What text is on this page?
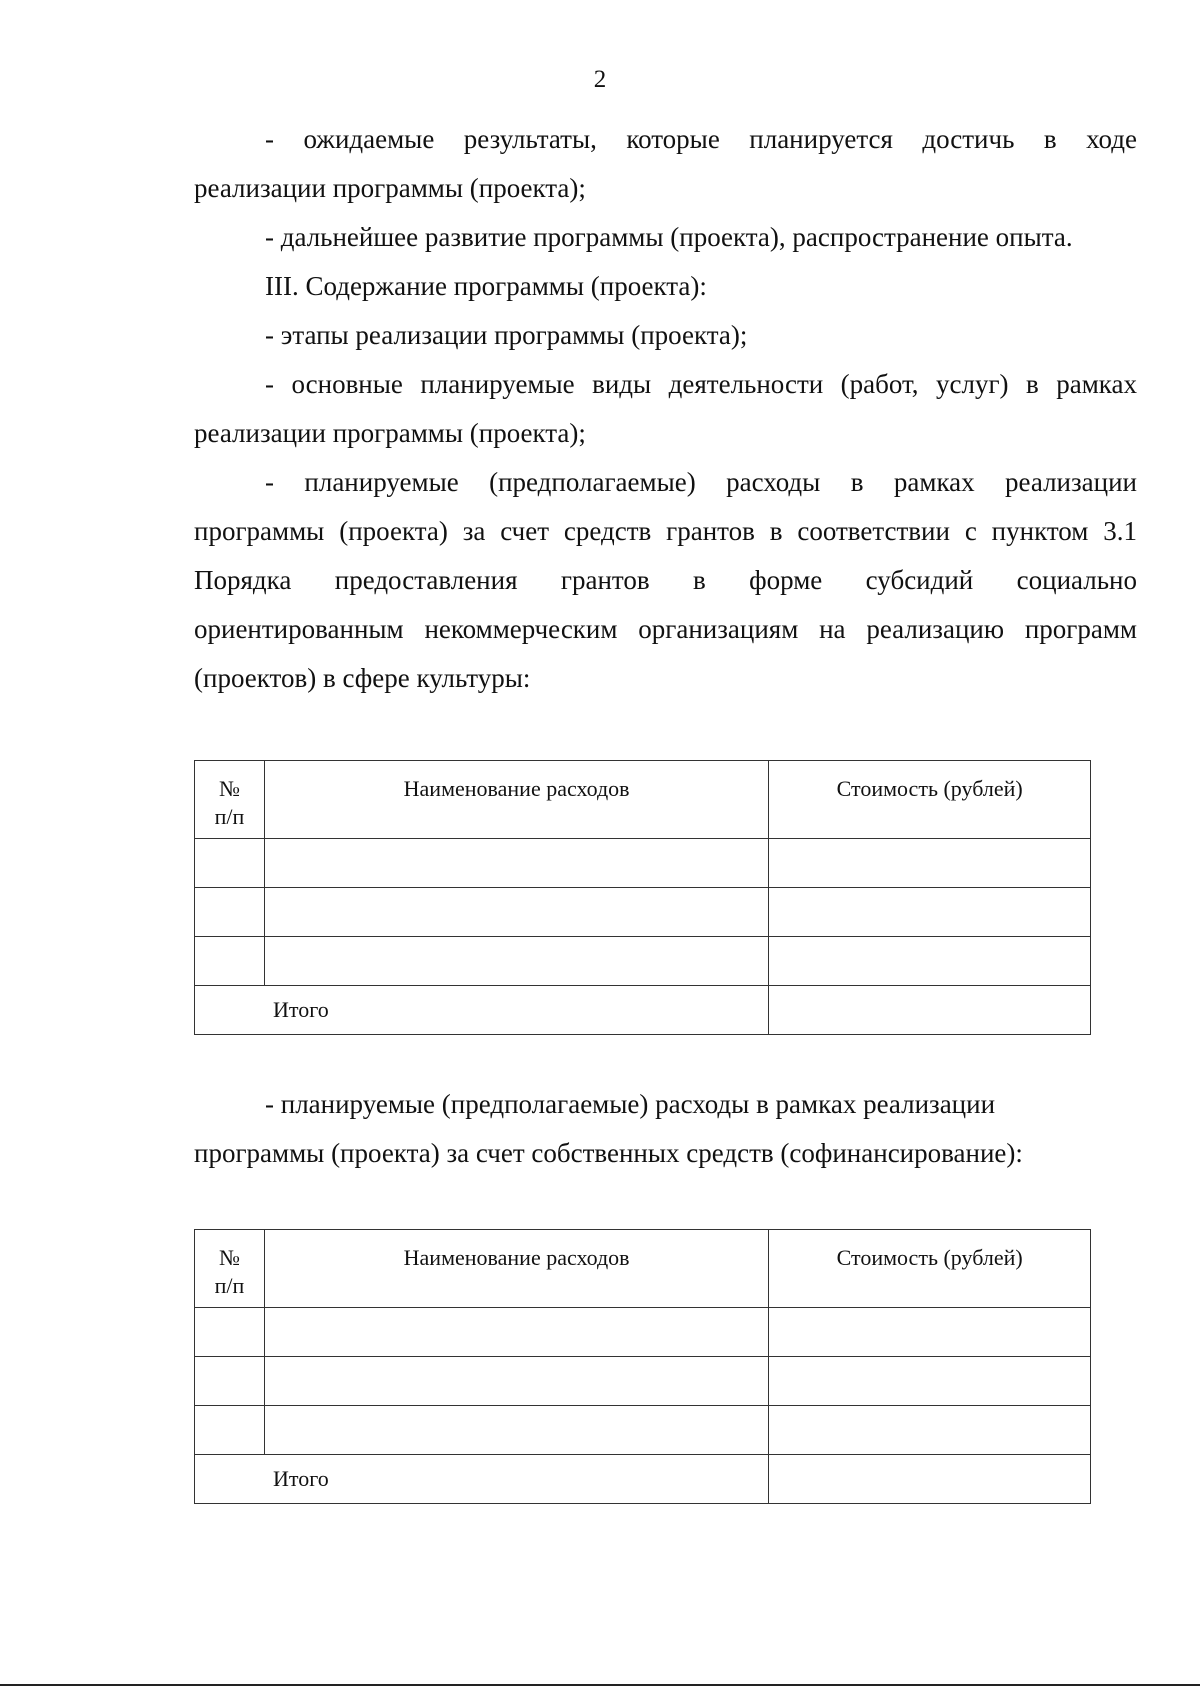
2
- ожидаемые результаты, которые планируется достичь в ходе
реализации программы (проекта);
- дальнейшее развитие программы (проекта), распространение опыта.
III. Содержание программы (проекта):
- этапы реализации программы (проекта);
- основные планируемые виды деятельности (работ, услуг) в рамках
реализации программы (проекта);
- планируемые (предполагаемые) расходы в рамках реализации
программы (проекта) за счет средств грантов в соответствии с пунктом 3.1
Порядка предоставления грантов в форме субсидий социально
ориентированным некоммерческим организациям на реализацию программ
(проектов) в сфере культуры:
№
п/п	Наименование расходов	Стоимость (рублей)

Итого		
- планируемые (предполагаемые) расходы в рамках реализации
программы (проекта) за счет собственных средств (софинансирование):
№
п/п	Наименование расходов	Стоимость (рублей)

Итого		
